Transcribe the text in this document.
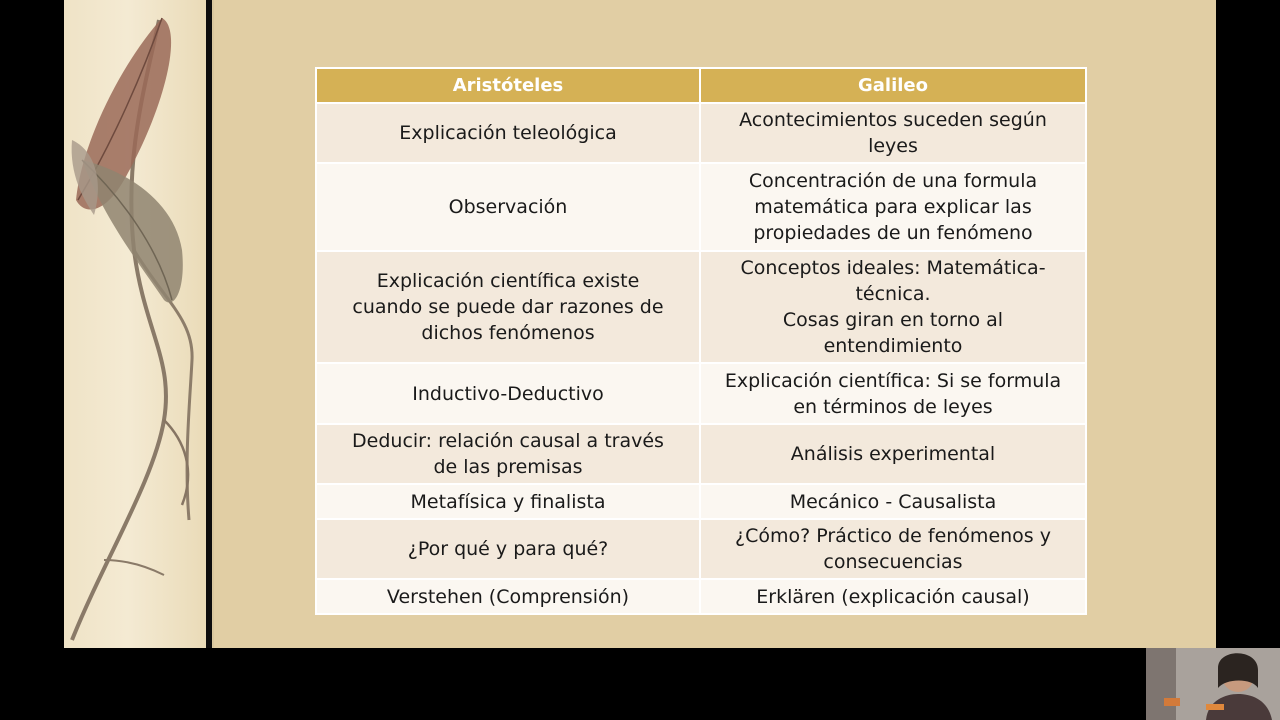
Aristóteles	Galileo
Explicación teleológica	Acontecimientos suceden según
leyes
Observación	Concentración de una formula
matemática para explicar las
propiedades de un fenómeno
Explicación científica existe
cuando se puede dar razones de
dichos fenómenos	Conceptos ideales: Matemática-
técnica.
Cosas giran en torno al
entendimiento
Inductivo-Deductivo	Explicación científica: Si se formula
en términos de leyes
Deducir: relación causal a través
de las premisas	Análisis experimental
Metafísica y finalista	Mecánico - Causalista
¿Por qué y para qué?	¿Cómo? Práctico de fenómenos y
consecuencias
Verstehen (Comprensión)	Erklären (explicación causal)
